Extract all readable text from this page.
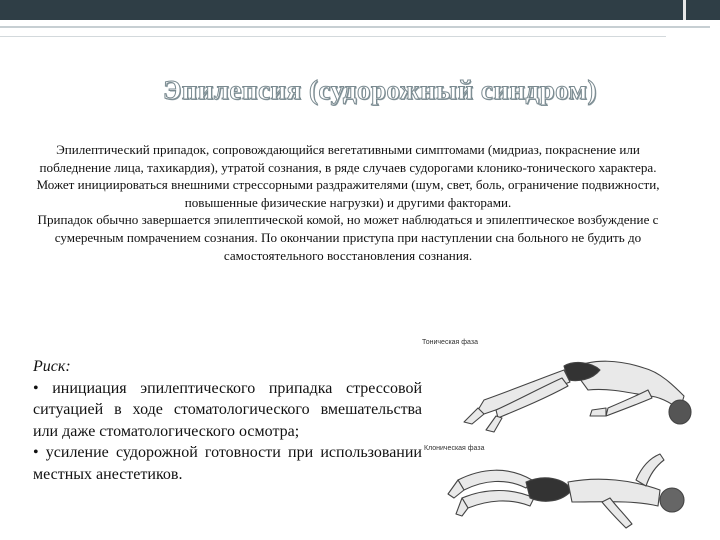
Эпилепсия (судорожный синдром)

Эпилептический припадок, сопровождающийся вегетативными симптомами (мидриаз, покраснение или побледнение лица, тахикардия), утратой сознания, в ряде случаев судорогами клонико-тонического характера. Может инициироваться внешними стрессорными раздражителями (шум, свет, боль, ограничение подвижности, повышенные физические нагрузки) и другими факторами.

Припадок обычно завершается эпилептической комой, но может наблюдаться и эпилептическое возбуждение с сумеречным помрачением сознания. По окончании приступа при наступлении сна больного не будить до самостоятельного восстановления сознания.

Риск:

• инициация эпилептического припадка стрессовой ситуацией в ходе стоматологического вмешательства или даже стоматологического осмотра;

• усиление судорожной готовности при использовании местных анестетиков.

Тоническая фаза
Клоническая фаза
